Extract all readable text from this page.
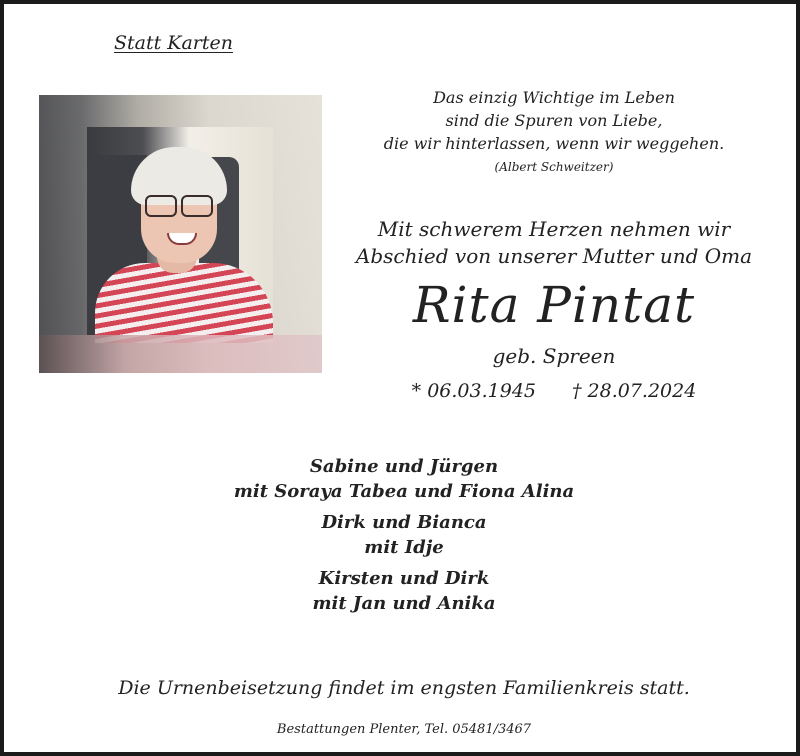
Statt Karten
Das einzig Wichtige im Leben
sind die Spuren von Liebe,
die wir hinterlassen, wenn wir weggehen.
(Albert Schweitzer)
Mit schwerem Herzen nehmen wir
Abschied von unserer Mutter und Oma
Rita Pintat
geb. Spreen
* 06.03.1945 † 28.07.2024
Sabine und Jürgen
mit Soraya Tabea und Fiona Alina
Dirk und Bianca
mit Idje
Kirsten und Dirk
mit Jan und Anika
Die Urnenbeisetzung findet im engsten Familienkreis statt.
Bestattungen Plenter, Tel. 05481/3467
